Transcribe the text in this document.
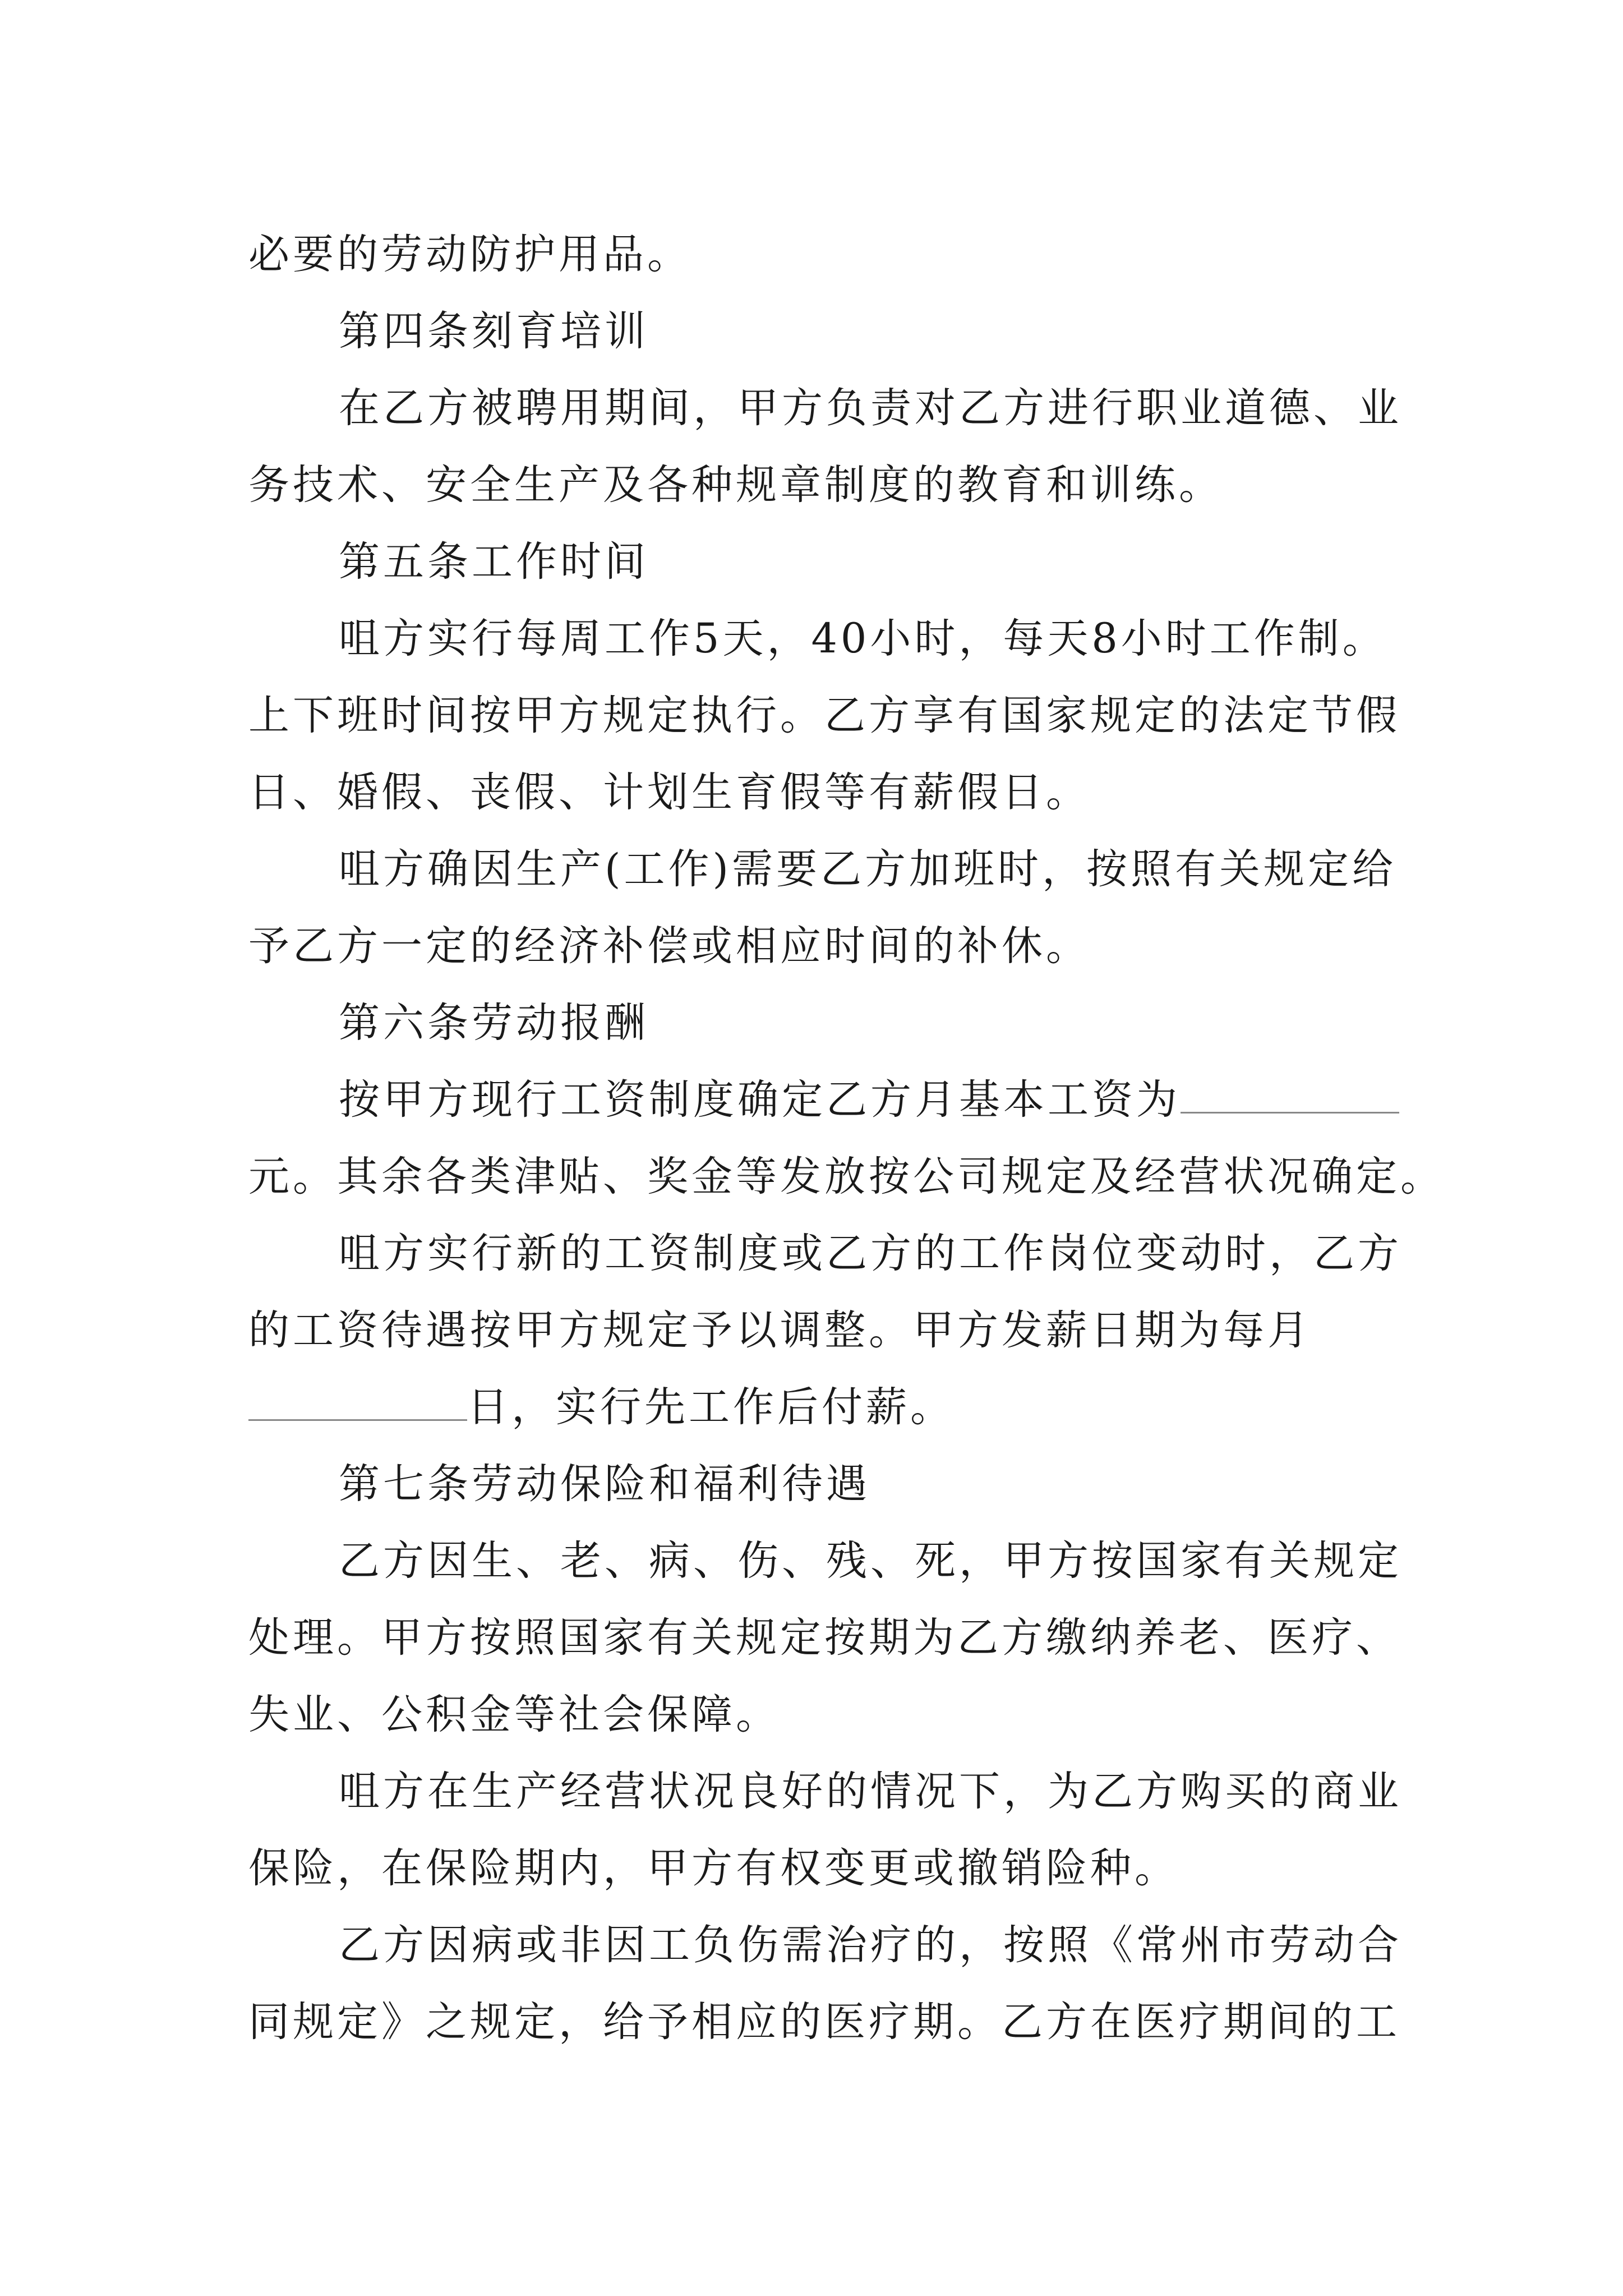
必要的劳动防护用品。
第四条刻育培训
在乙方被聘用期间，甲方负责对乙方进行职业道德、业
务技术、安全生产及各种规章制度的教育和训练。
第五条工作时间
咀方实行每周工作5天，40小时，每天8小时工作制。
上下班时间按甲方规定执行。乙方享有国家规定的法定节假
日、婚假、丧假、计划生育假等有薪假日。
咀方确因生产(工作)需要乙方加班时，按照有关规定给
予乙方一定的经济补偿或相应时间的补休。
第六条劳动报酬
按甲方现行工资制度确定乙方月基本工资为
元。其余各类津贴、奖金等发放按公司规定及经营状况确定。
咀方实行新的工资制度或乙方的工作岗位变动时，乙方
的工资待遇按甲方规定予以调整。甲方发薪日期为每月
日，实行先工作后付薪。
第七条劳动保险和福利待遇
乙方因生、老、病、伤、残、死，甲方按国家有关规定
处理。甲方按照国家有关规定按期为乙方缴纳养老、医疗、
失业、公积金等社会保障。
咀方在生产经营状况良好的情况下，为乙方购买的商业
保险，在保险期内，甲方有权变更或撤销险种。
乙方因病或非因工负伤需治疗的，按照《常州市劳动合
同规定》之规定，给予相应的医疗期。乙方在医疗期间的工
